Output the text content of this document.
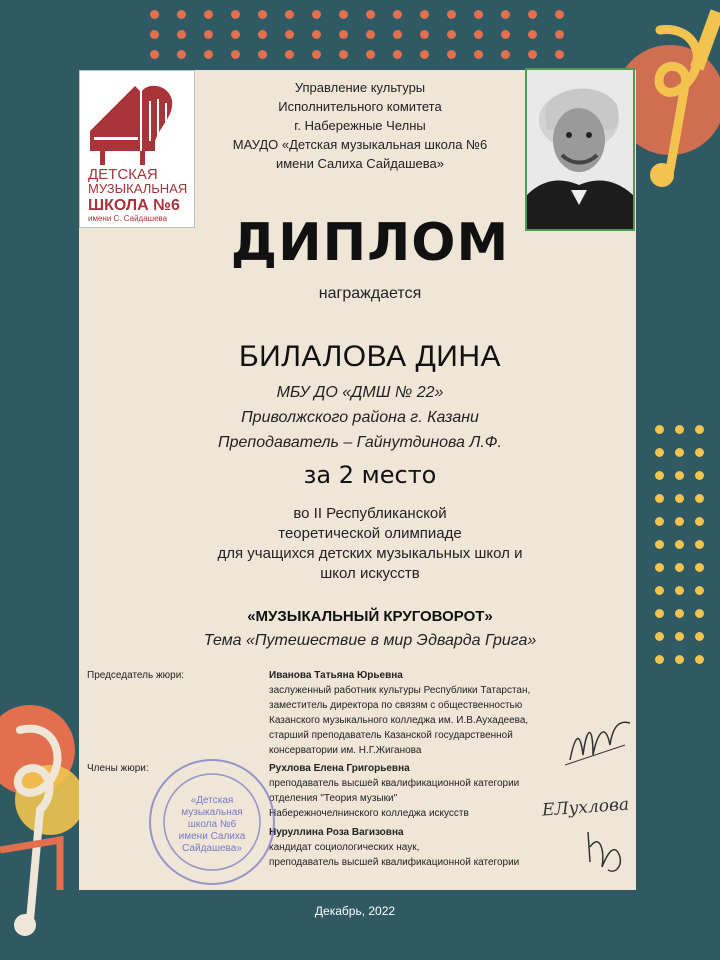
ДЕТСКАЯ
МУЗЫКАЛЬНАЯ
ШКОЛА №6
имени С. Сайдашева
Управление культуры
Исполнительного комитета
г. Набережные Челны
МАУДО «Детская музыкальная школа №6
имени Салиха Сайдашева»
ДИПЛОМ
награждается
БИЛАЛОВА ДИНА
МБУ ДО «ДМШ № 22»
Приволжского района г. Казани
Преподаватель – Гайнутдинова Л.Ф.
за 2 место
во II Республиканской
теоретической олимпиаде
для учащихся детских музыкальных школ и
школ искусств
«МУЗЫКАЛЬНЫЙ КРУГОВОРОТ»
Тема «Путешествие в мир Эдварда Грига»
Председатель жюри:	Иванова Татьяна Юрьевна
заслуженный работник культуры Республики Татарстан,
заместитель директора по связям с общественностью
Казанского музыкального колледжа им. И.В.Аухадеева,
старший преподаватель Казанской государственной
консерватории им. Н.Г.Жиганова
Члены жюри:	Рухлова Елена Григорьевна
преподаватель высшей квалификационной категории
отделения "Теория музыки"
Набережночелнинского колледжа искусств
Нуруллина Роза Вагизовна
кандидат социологических наук,
преподаватель высшей квалификационной категории
«Детская
музыкальная
школа №6
имени Салиха
Сайдашева»
ЕЛухлова
Декабрь, 2022
